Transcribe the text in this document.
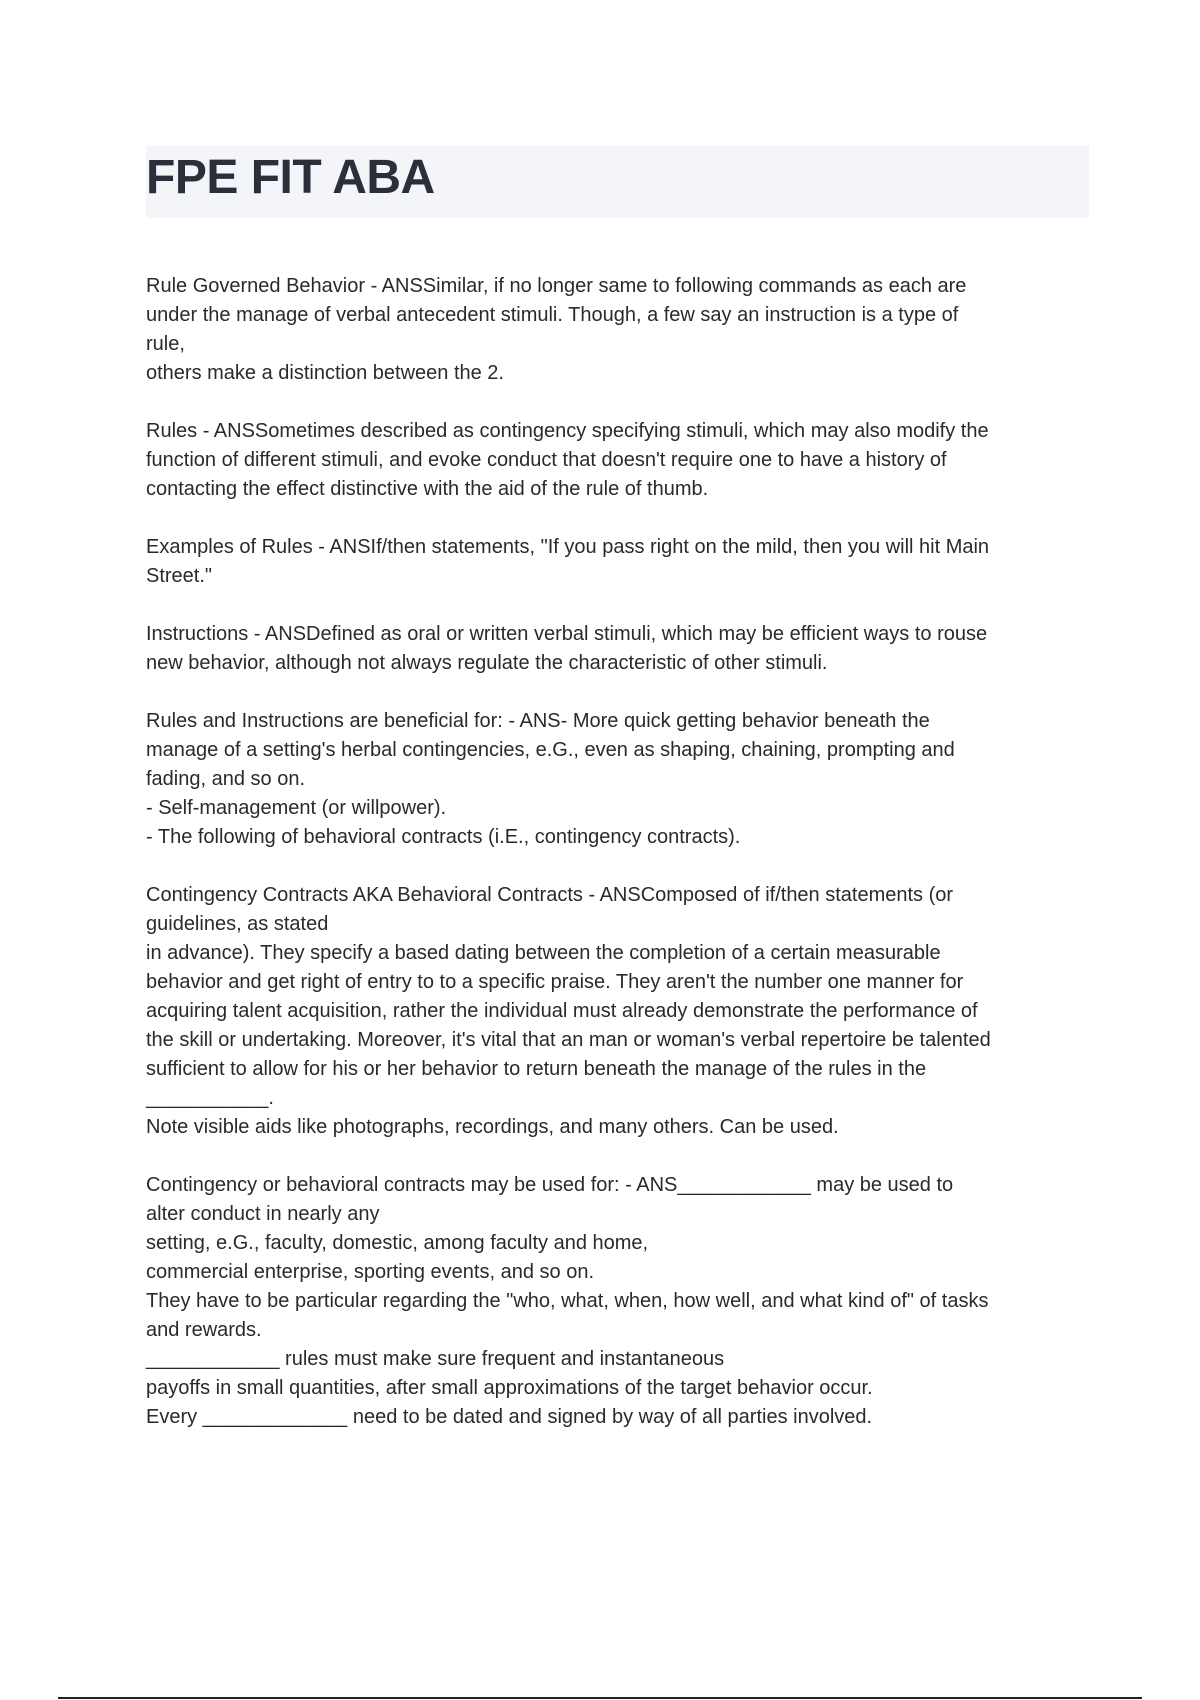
FPE FIT ABA

Rule Governed Behavior - ANSSimilar, if no longer same to following commands as each are
under the manage of verbal antecedent stimuli. Though, a few say an instruction is a type of
rule,
others make a distinction between the 2.

Rules - ANSSometimes described as contingency specifying stimuli, which may also modify the
function of different stimuli, and evoke conduct that doesn't require one to have a history of
contacting the effect distinctive with the aid of the rule of thumb.

Examples of Rules - ANSIf/then statements, "If you pass right on the mild, then you will hit Main
Street."

Instructions - ANSDefined as oral or written verbal stimuli, which may be efficient ways to rouse
new behavior, although not always regulate the characteristic of other stimuli.

Rules and Instructions are beneficial for: - ANS- More quick getting behavior beneath the
manage of a setting's herbal contingencies, e.G., even as shaping, chaining, prompting and
fading, and so on.
- Self-management (or willpower).
- The following of behavioral contracts (i.E., contingency contracts).

Contingency Contracts AKA Behavioral Contracts - ANSComposed of if/then statements (or
guidelines, as stated
in advance). They specify a based dating between the completion of a certain measurable
behavior and get right of entry to to a specific praise. They aren't the number one manner for
acquiring talent acquisition, rather the individual must already demonstrate the performance of
the skill or undertaking. Moreover, it's vital that an man or woman's verbal repertoire be talented
sufficient to allow for his or her behavior to return beneath the manage of the rules in the
___________.
Note visible aids like photographs, recordings, and many others. Can be used.

Contingency or behavioral contracts may be used for: - ANS____________ may be used to
alter conduct in nearly any
setting, e.G., faculty, domestic, among faculty and home,
commercial enterprise, sporting events, and so on.
They have to be particular regarding the "who, what, when, how well, and what kind of" of tasks
and rewards.
____________ rules must make sure frequent and instantaneous
payoffs in small quantities, after small approximations of the target behavior occur.
Every _____________ need to be dated and signed by way of all parties involved.
